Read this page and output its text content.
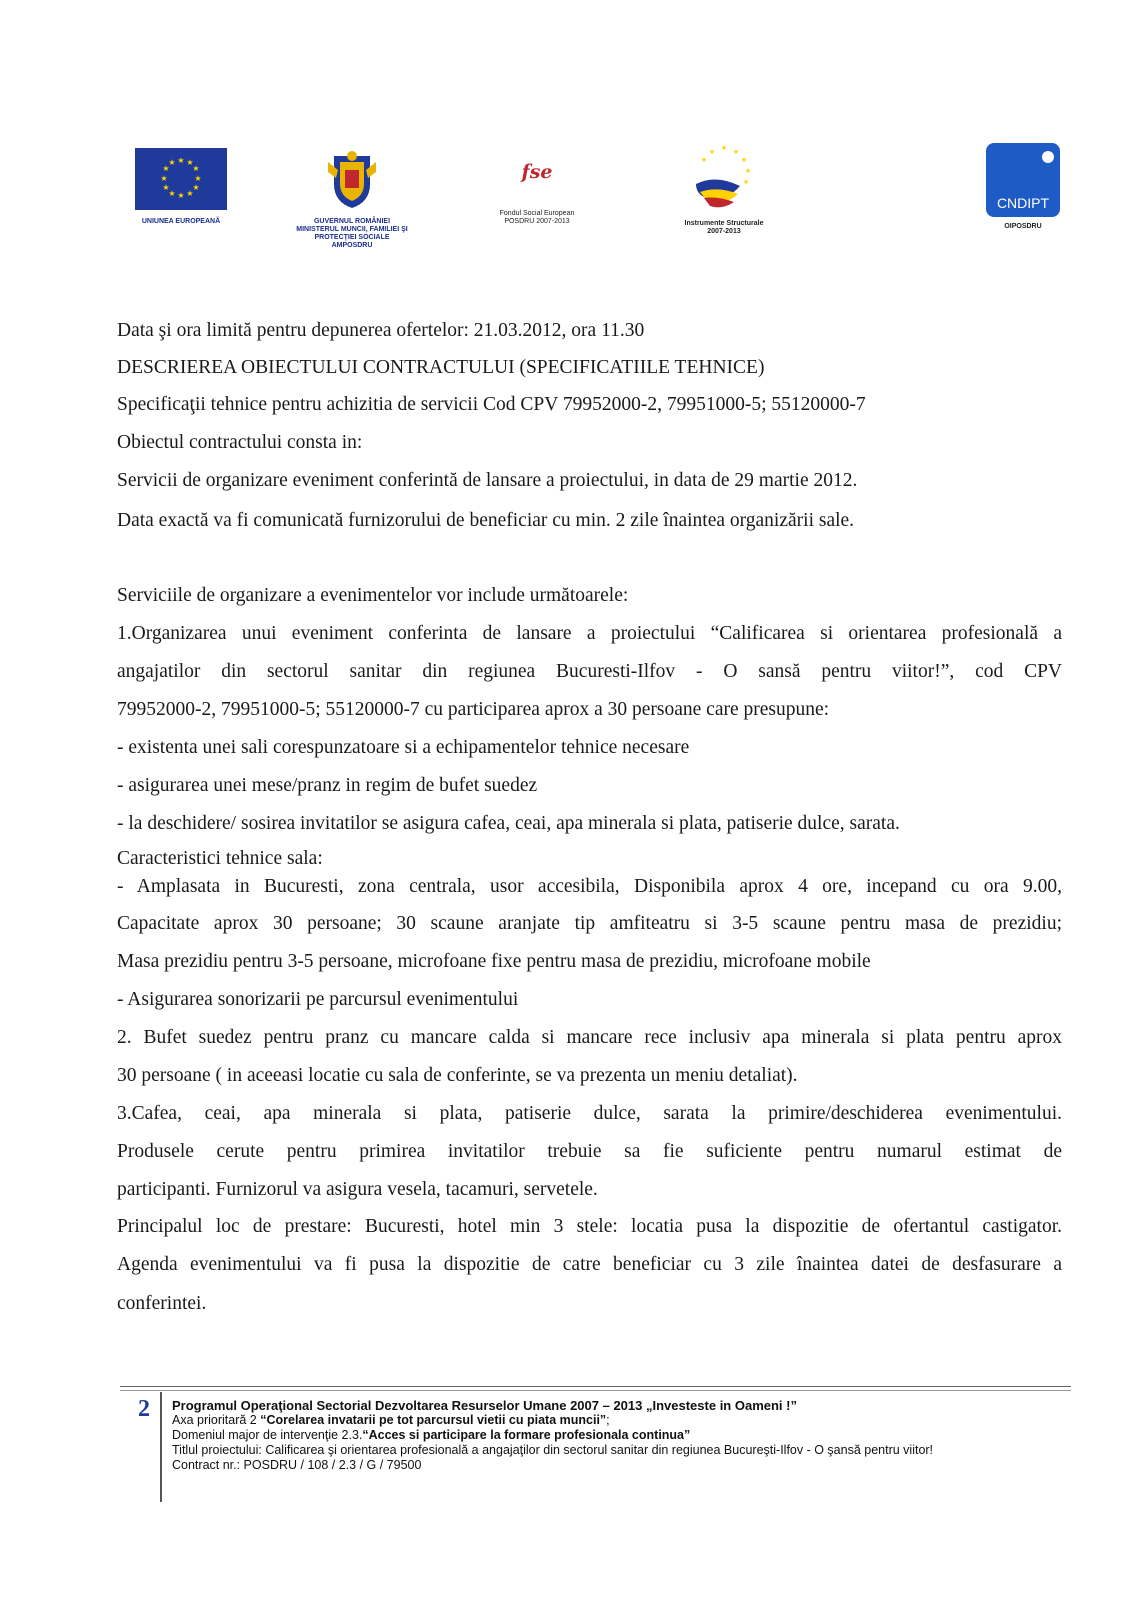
★ ★
★
★
★
★
★
★
★
★
★
★
UNIUNEA EUROPEANĂ	GUVERNUL ROMÂNIEI
MINISTERUL MUNCII, FAMILIEI ŞI
PROTECŢIEI SOCIALE
AMPOSDRU
fse
Fondul Social European
POSDRU 2007-2013
★ ★
★
★
★
★
★
Instrumente Structurale
2007-2013
CNDIPT
OIPOSDRU
Data şi ora limită pentru depunerea ofertelor: 21.03.2012, ora 11.30
DESCRIEREA OBIECTULUI CONTRACTULUI (SPECIFICATIILE TEHNICE)
Specificaţii tehnice pentru achizitia de servicii Cod CPV 79952000-2, 79951000-5; 55120000-7
Obiectul contractului consta in:
Servicii de organizare eveniment conferintă de lansare a proiectului, in data de 29 martie 2012.
Data exactă va fi comunicată furnizorului de beneficiar cu min. 2 zile înaintea organizării sale.
Serviciile de organizare a evenimentelor vor include următoarele:
1.Organizarea unui eveniment conferinta de lansare a proiectului “Calificarea si orientarea profesională a
angajatilor din sectorul sanitar din regiunea Bucuresti-Ilfov - O sansă pentru viitor!”, cod CPV
79952000-2, 79951000-5; 55120000-7 cu participarea aprox a 30 persoane care presupune:
- existenta unei sali corespunzatoare si a echipamentelor tehnice necesare
- asigurarea unei mese/pranz in regim de bufet suedez
- la deschidere/ sosirea invitatilor se asigura cafea, ceai, apa minerala si plata, patiserie dulce, sarata.
Caracteristici tehnice sala:
- Amplasata in Bucuresti, zona centrala, usor accesibila, Disponibila aprox 4 ore, incepand cu ora 9.00,
Capacitate aprox 30 persoane; 30 scaune aranjate tip amfiteatru si 3-5 scaune pentru masa de prezidiu;
Masa prezidiu pentru 3-5 persoane, microfoane fixe pentru masa de prezidiu, microfoane mobile
- Asigurarea sonorizarii pe parcursul evenimentului
2. Bufet suedez pentru pranz cu mancare calda si mancare rece inclusiv apa minerala si plata pentru aprox
30 persoane ( in aceeasi locatie cu sala de conferinte, se va prezenta un meniu detaliat).
3.Cafea, ceai, apa minerala si plata, patiserie dulce, sarata la primire/deschiderea evenimentului.
Produsele cerute pentru primirea invitatilor trebuie sa fie suficiente pentru numarul estimat de
participanti. Furnizorul va asigura vesela, tacamuri, servetele.
Principalul loc de prestare: Bucuresti, hotel min 3 stele: locatia pusa la dispozitie de ofertantul castigator.
Agenda evenimentului va fi pusa la dispozitie de catre beneficiar cu 3 zile înaintea datei de desfasurare a
conferintei.
2 Programul Operaţional Sectorial Dezvoltarea Resurselor Umane 2007 – 2013 „Investeste in Oameni !”
Axa prioritară 2 “Corelarea invatarii pe tot parcursul vietii cu piata muncii”;
Domeniul major de intervenţie 2.3.“Acces si participare la formare profesionala continua”
Titlul proiectului: Calificarea şi orientarea profesională a angajaţilor din sectorul sanitar din regiunea Bucureşti-Ilfov - O şansă pentru viitor!
Contract nr.: POSDRU / 108 / 2.3 / G / 79500
